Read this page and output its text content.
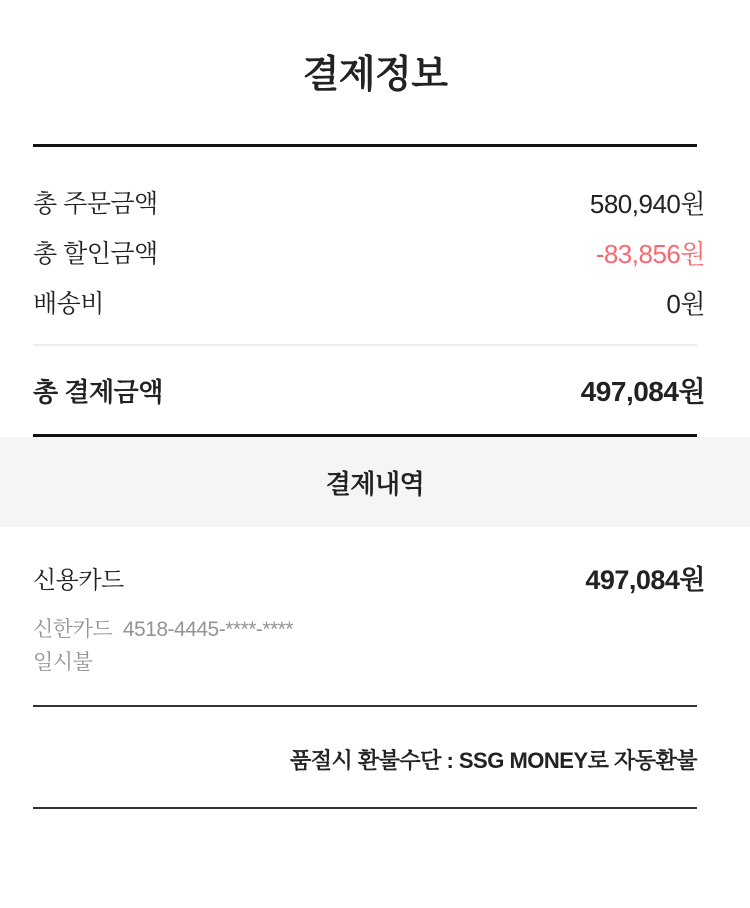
결제정보
총 주문금액	580,940원
총 할인금액	-83,856원
배송비	0원
총 결제금액	497,084원
결제내역
신용카드	497,084원
신한카드  4518-4445-****-****
일시불
품절시 환불수단 : SSG MONEY로 자동환불
